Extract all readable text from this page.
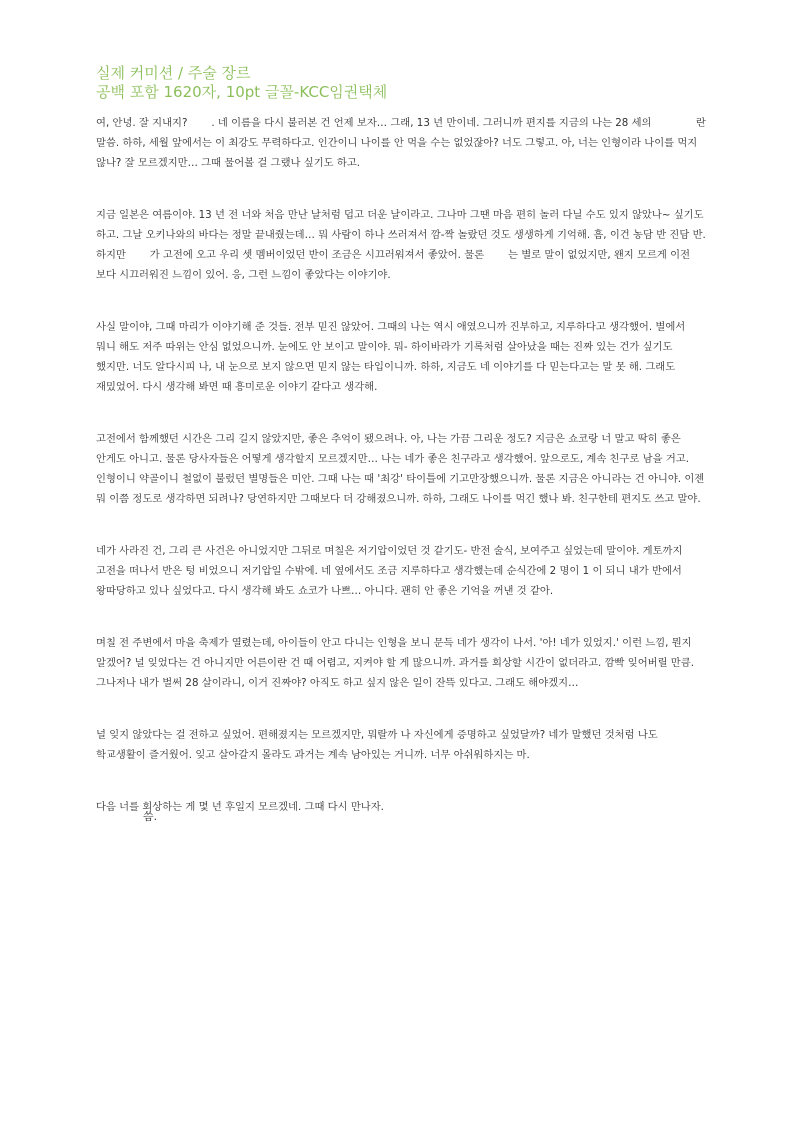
실제 커미션 / 주술 장르
공백 포함 1620자, 10pt 글꼴-KCC임권택체

여, 안녕. 잘 지내지? 　　. 네 이름을 다시 불러본 건 언제 보자… 그래, 13 년 만이네. 그러니까 편지를 지금의 나는 28 세의 　　　　란 말씀. 하하, 세월 앞에서는 이 최강도 무력하다고. 인간이니 나이를 안 먹을 수는 없었잖아? 너도 그렇고. 아, 너는 인형이라 나이를 먹지 않나? 잘 모르겠지만… 그때 물어볼 걸 그랬나 싶기도 하고.

지금 일본은 여름이야. 13 년 전 너와 처음 만난 날처럼 덥고 더운 날이라고. 그나마 그땐 마음 편히 놀러 다닐 수도 있지 않았나~ 싶기도 하고. 그날 오키나와의 바다는 정말 끝내줬는데… 뭐 사람이 하나 쓰러져서 깜-짝 놀랐던 것도 생생하게 기억해. 흠, 이건 농담 반 진담 반. 하지만 　　가 고전에 오고 우리 셋 멤버이었던 반이 조금은 시끄러워져서 좋았어. 물론 　　는 별로 말이 없었지만, 왠지 모르게 이전 보다 시끄러워진 느낌이 있어. 응, 그런 느낌이 좋았다는 이야기야.

사실 말이야, 그때 마리가 이야기해 준 것들. 전부 믿진 않았어. 그때의 나는 역시 애였으니까 진부하고, 지루하다고 생각했어. 별에서 뭐니 해도 저주 따위는 안심 없었으니까. 눈에도 안 보이고 말이야. 뭐- 하이바라가 기록처럼 살아났을 때는 진짜 있는 건가 싶기도 했지만. 너도 알다시피 나, 내 눈으로 보지 않으면 믿지 않는 타입이니까. 하하, 지금도 네 이야기를 다 믿는다고는 말 못 해. 그래도 재밌었어. 다시 생각해 봐면 때 흥미로운 이야기 같다고 생각해.

고전에서 함께했던 시간은 그리 길지 않았지만, 좋은 추억이 됐으려나. 아, 나는 가끔 그리운 정도? 지금은 쇼코랑 너 말고 딱히 좋은 안게도 아니고. 물론 당사자들은 어떻게 생각할지 모르겠지만… 나는 네가 좋은 친구라고 생각했어. 앞으로도, 계속 친구로 남을 거고. 인형이니 약골이니 철없이 불렀던 별명들은 미안. 그때 나는 때 '최강' 타이틀에 기고만장했으니까. 물론 지금은 아니라는 건 아니야. 이젠 뭐 이쯤 정도로 생각하면 되려나? 당연하지만 그때보다 더 강해졌으니까. 하하, 그래도 나이를 먹긴 했나 봐. 친구한테 편지도 쓰고 말야.

네가 사라진 건, 그리 큰 사건은 아니었지만 그뒤로 며칠은 저기압이었던 것 같기도- 반전 술식, 보여주고 싶었는데 말이야. 게토까지 고전을 떠나서 반은 텅 비었으니 저기압일 수밖에. 네 옆에서도 조금 지루하다고 생각했는데 순식간에 2 명이 1 이 되니 내가 반에서 왕따당하고 있나 싶었다고. 다시 생각해 봐도 쇼코가 나쁘… 아니다. 괜히 안 좋은 기억을 꺼낸 것 같아.

며칠 전 주변에서 마을 축제가 열렸는데, 아이들이 안고 다니는 인형을 보니 문득 네가 생각이 나서. '아! 네가 있었지.' 이런 느낌, 뭔지 알겠어? 널 잊었다는 건 아니지만 어른이란 건 때 어렵고, 지켜야 할 게 많으니까. 과거를 회상할 시간이 없더라고. 깜빡 잊어버릴 만큼. 그나저나 내가 벌써 28 살이라니, 이거 진짜야? 아직도 하고 싶지 않은 일이 잔뜩 있다고. 그래도 해야겠지…

널 잊지 않았다는 걸 전하고 싶었어. 편해졌지는 모르겠지만, 뭐랄까 나 자신에게 증명하고 싶었달까? 네가 말했던 것처럼 나도 학교생활이 즐거웠어. 잊고 살아갈지 몰라도 과거는 계속 남아있는 거니까. 너무 아쉬워하지는 마.

다음 너를 회상하는 게 몇 년 후일지 모르겠네. 그때 다시 만나자.

씀.
